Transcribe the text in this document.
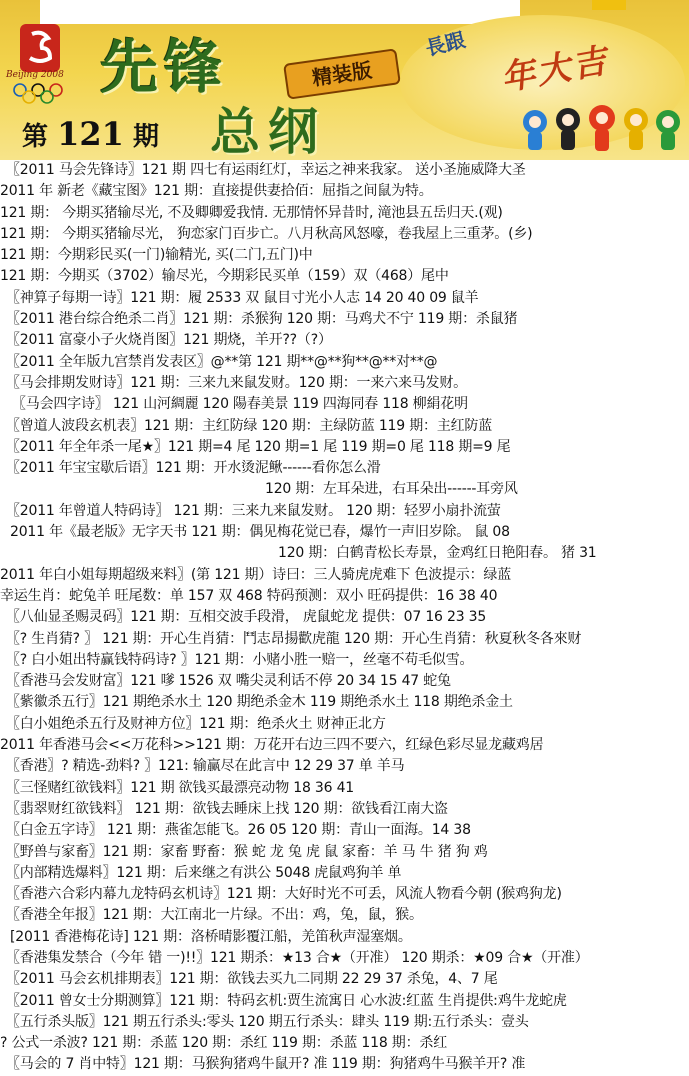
Beijing 2008 先锋	精装版
总纲
第 121 期
長跟 年大吉
〖2011 马会先锋诗〗121 期 四七有运雨红灯，幸运之神来我家。 送小圣施威降大圣
2011 年 新老《藏宝图》121 期：直接提供妻拾佰：屈指之间鼠为特。
121 期： 今期买猪输尽光, 不及卿卿爱我情. 无那情怀异昔时, 滝池县五岳归天.(观)
121 期： 今期买猪输尽光， 狗恋家门百步亡。八月秋高风怒嚎，卷我屋上三重茅。(乡)
121 期：今期彩民买(一门)输精光, 买(二门,五门)中
121 期：今期买（3702）输尽光，今期彩民买单（159）双（468）尾中
〖神算子每期一诗〗121 期：履 2533 双 鼠目寸光小人志 14 20 40 09 鼠羊
〖2011 港台综合绝杀二肖〗121 期：杀猴狗 120 期：马鸡犬不宁 119 期：杀鼠猪
〖2011 富豪小子火烧肖图〗121 期烧，羊开??（?）
〖2011 全年版九宫禁肖发表区〗@**第 121 期**@**狗**@**对**@
〖马会排期发财诗〗121 期：三来九来鼠发财。120 期：一来六来马发财。
〖马会四字诗〗 121 山河綢麗 120 陽春美景 119 四海同春 118 柳絹花明
〖曾道人波段玄机表〗121 期：主红防绿 120 期：主绿防蓝 119 期：主红防蓝
〖2011 年全年杀一尾★〗121 期=4 尾 120 期=1 尾 119 期=0 尾 118 期=9 尾
〖2011 年宝宝歇后语〗121 期：开水烫泥鳅------看你怎么滑
120 期：左耳朵进，右耳朵出------耳旁风
〖2011 年曾道人特码诗〗 121 期：三来九来鼠发财。 120 期：轻罗小扇扑流萤
2011 年《最老版》无字天书 121 期：偶见梅花觉已春，爆竹一声旧岁除。 鼠 08
120 期：白鹤青松长寿景，金鸡红日艳阳春。 猪 31
2011 年白小姐每期超级来料〗(第 121 期）诗曰：三人骑虎虎难下 色波提示：绿蓝
幸运生肖：蛇兔羊 旺尾数：单 157 双 468 特码预测：双小 旺码提供：16 38 40
〖八仙显圣赐灵码〗121 期：互相交波手段滑， 虎鼠蛇龙 提供：07 16 23 35
〖? 生肖猜? 〗 121 期：开心生肖猜：鬥志昂揚歡虎龍 120 期：开心生肖猜：秋夏秋冬各來财
〖? 白小姐出特赢钱特码诗? 〗121 期：小赌小胜一赔一，丝毫不苟毛似雪。
〖香港马会发财富〗121 嗲 1526 双 嘴尖灵利话不停 20 34 15 47 蛇兔
〖紫徽杀五行〗121 期绝杀水土 120 期绝杀金木 119 期绝杀水土 118 期绝杀金土
〖白小姐绝杀五行及财神方位〗121 期：绝杀火土 财神正北方
2011 年香港马会<<万花科>>121 期：万花开右边三四不要六，红绿色彩尽显龙藏鸡居
〖香港〗? 精选-劲料? 〗121: 输赢尽在此言中 12 29 37 单 羊马
〖三怪赌红欲钱料〗121 期 欲钱买最漂亮动物 18 36 41
〖翡翠财红欲钱料〗 121 期：欲钱去睡床上找 120 期：欲钱看江南大盗
〖白金五字诗〗 121 期：燕雀怎能飞。26 05 120 期：青山一面海。14 38
〖野兽与家畜〗121 期：家畜 野畜：猴 蛇 龙 兔 虎 鼠 家畜：羊 马 牛 猪 狗 鸡
〖内部精选爆料〗121 期：后来继之有洪公 5048 虎鼠鸡狗羊 单
〖香港六合彩内幕九龙特码玄机诗〗121 期：大好时光不可丢，风流人物看今朝 (猴鸡狗龙)
〖香港全年报〗121 期：大江南北一片绿。不出：鸡，兔，鼠，猴。
[2011 香港梅花诗] 121 期：洛桥晴影覆江船，羌笛秋声湿塞烟。
〖香港集发禁合（今年 错 一)!!〗121 期杀：★13 合★（开准） 120 期杀：★09 合★（开准）
〖2011 马会玄机排期表〗121 期：欲钱去买九二同期 22 29 37 杀兔，4、7 尾
〖2011 曾女士分期测算〗121 期：特码玄机:贾生流寓日 心水波:红蓝 生肖提供:鸡牛龙蛇虎
〖五行杀头版〗121 期五行杀头:零头 120 期五行杀头：肆头 119 期:五行杀头：壹头
? 公式一杀波? 121 期：杀蓝 120 期：杀红 119 期：杀蓝 118 期：杀红
〖马会的 7 肖中特〗121 期：马猴狗猪鸡牛鼠开? 准 119 期：狗猪鸡牛马猴羊开? 准
